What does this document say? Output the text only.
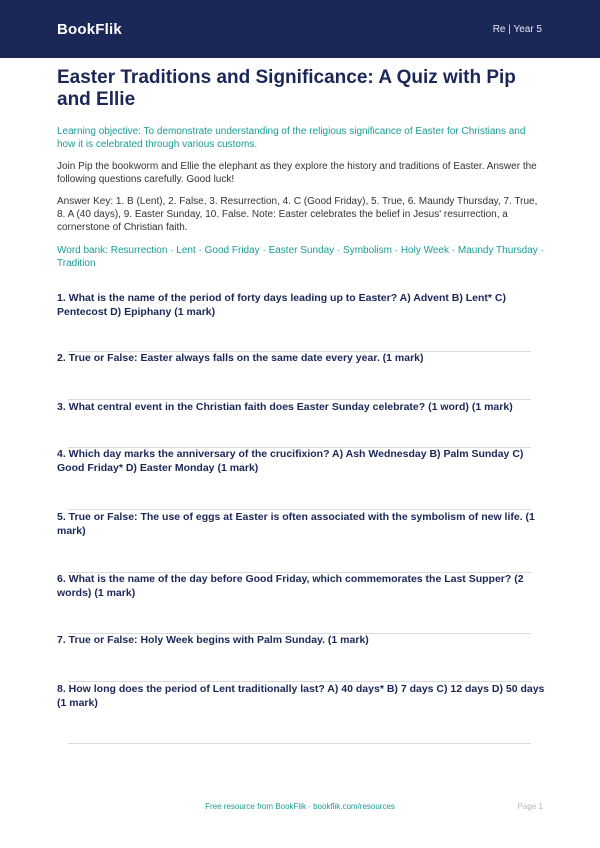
BookFlik	Re | Year 5
Easter Traditions and Significance: A Quiz with Pip and Ellie

Learning objective: To demonstrate understanding of the religious significance of Easter for Christians and how it is celebrated through various customs.

Join Pip the bookworm and Ellie the elephant as they explore the history and traditions of Easter. Answer the following questions carefully. Good luck!

Answer Key: 1. B (Lent), 2. False, 3. Resurrection, 4. C (Good Friday), 5. True, 6. Maundy Thursday, 7. True, 8. A (40 days), 9. Easter Sunday, 10. False. Note: Easter celebrates the belief in Jesus' resurrection, a cornerstone of Christian faith.

Word bank: Resurrection · Lent · Good Friday · Easter Sunday · Symbolism · Holy Week · Maundy Thursday · Tradition

1. What is the name of the period of forty days leading up to Easter? A) Advent B) Lent* C) Pentecost D) Epiphany (1 mark)

2. True or False: Easter always falls on the same date every year. (1 mark)

3. What central event in the Christian faith does Easter Sunday celebrate? (1 word) (1 mark)

4. Which day marks the anniversary of the crucifixion? A) Ash Wednesday B) Palm Sunday C) Good Friday* D) Easter Monday (1 mark)

5. True or False: The use of eggs at Easter is often associated with the symbolism of new life. (1 mark)

6. What is the name of the day before Good Friday, which commemorates the Last Supper? (2 words) (1 mark)

7. True or False: Holy Week begins with Palm Sunday. (1 mark)

8. How long does the period of Lent traditionally last? A) 40 days* B) 7 days C) 12 days D) 50 days (1 mark)

Free resource from BookFlik · bookflik.com/resources	Page 1
